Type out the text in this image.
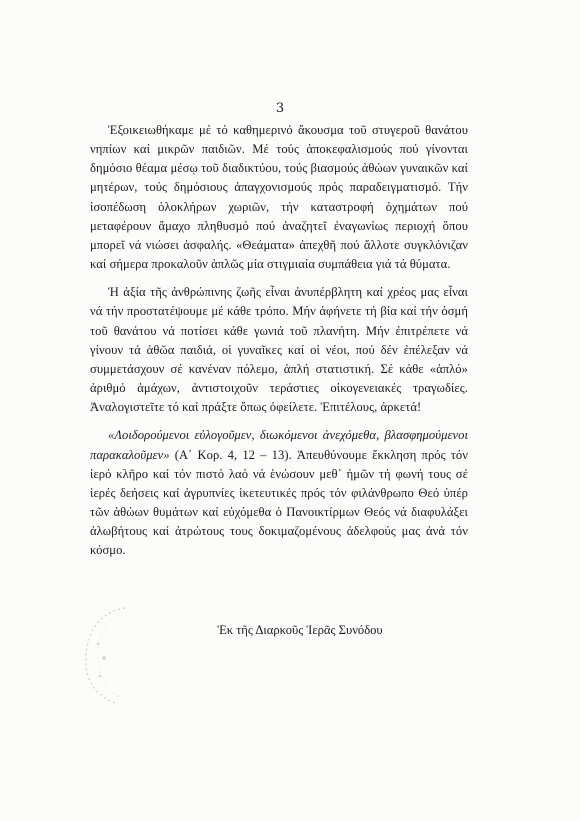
3

Ἐξοικειωθήκαμε μέ τό καθημερινό ἄκουσμα τοῦ στυγεροῦ θανάτου νηπίων καί μικρῶν παιδιῶν. Μέ τούς ἀποκεφαλισμούς πού γίνονται δημόσιο θέαμα μέσῳ τοῦ διαδικτύου, τούς βιασμούς ἀθώων γυναικῶν καί μητέρων, τούς δημόσιους ἀπαγχονισμούς πρός παραδειγματισμό. Τήν ἰσοπέδωση ὁλοκλήρων χωριῶν, τήν καταστροφή ὀχημάτων πού μεταφέρουν ἄμαχο πληθυσμό πού ἀναζητεῖ ἐναγωνίως περιοχή ὅπου μπορεῖ νά νιώσει ἀσφαλής. «Θεάματα» ἀπεχθῆ πού ἄλλοτε συγκλόνιζαν καί σήμερα προκαλοῦν ἁπλῶς μία στιγμιαία συμπάθεια γιά τά θύματα.

Ἡ ἀξία τῆς ἀνθρώπινης ζωῆς εἶναι ἀνυπέρβλητη καί χρέος μας εἶναι νά τήν προστατέψουμε μέ κάθε τρόπο. Μήν ἀφήνετε τή βία καί τήν ὀσμή τοῦ θανάτου νά ποτίσει κάθε γωνιά τοῦ πλανήτη. Μήν ἐπιτρέπετε νά γίνουν τά ἀθῶα παιδιά, οἱ γυναῖκες καί οἱ νέοι, πού δέν ἐπέλεξαν νά συμμετάσχουν σέ κανέναν πόλεμο, ἁπλή στατιστική. Σέ κάθε «ἁπλό» ἀριθμό ἀμάχων, ἀντιστοιχοῦν τεράστιες οἰκογενειακές τραγωδίες. Ἀναλογιστεῖτε τό καί πράξτε ὅπως ὀφείλετε. Ἐπιτέλους, ἀρκετά!

«Λοιδορούμενοι εὐλογοῦμεν, διωκόμενοι ἀνεχόμεθα, βλασφημούμενοι παρακαλοῦμεν» (Α΄ Κορ. 4, 12 – 13). Ἀπευθύνουμε ἔκκληση πρός τόν ἱερό κλῆρο καί τόν πιστό λαό νά ἑνώσουν μεθ᾽ ἡμῶν τή φωνή τους σέ ἱερές δεήσεις καί ἀγρυπνίες ἱκετευτικές πρός τόν φιλάνθρωπο Θεό ὑπέρ τῶν ἀθώων θυμάτων καί εὐχόμεθα ὁ Πανοικτίρμων Θεός νά διαφυλάξει ἀλωβήτους καί ἀτρώτους τους δοκιμαζομένους ἀδελφούς μας ἀνά τόν κόσμο.

Ἐκ τῆς Διαρκοῦς Ἱερᾶς Συνόδου
